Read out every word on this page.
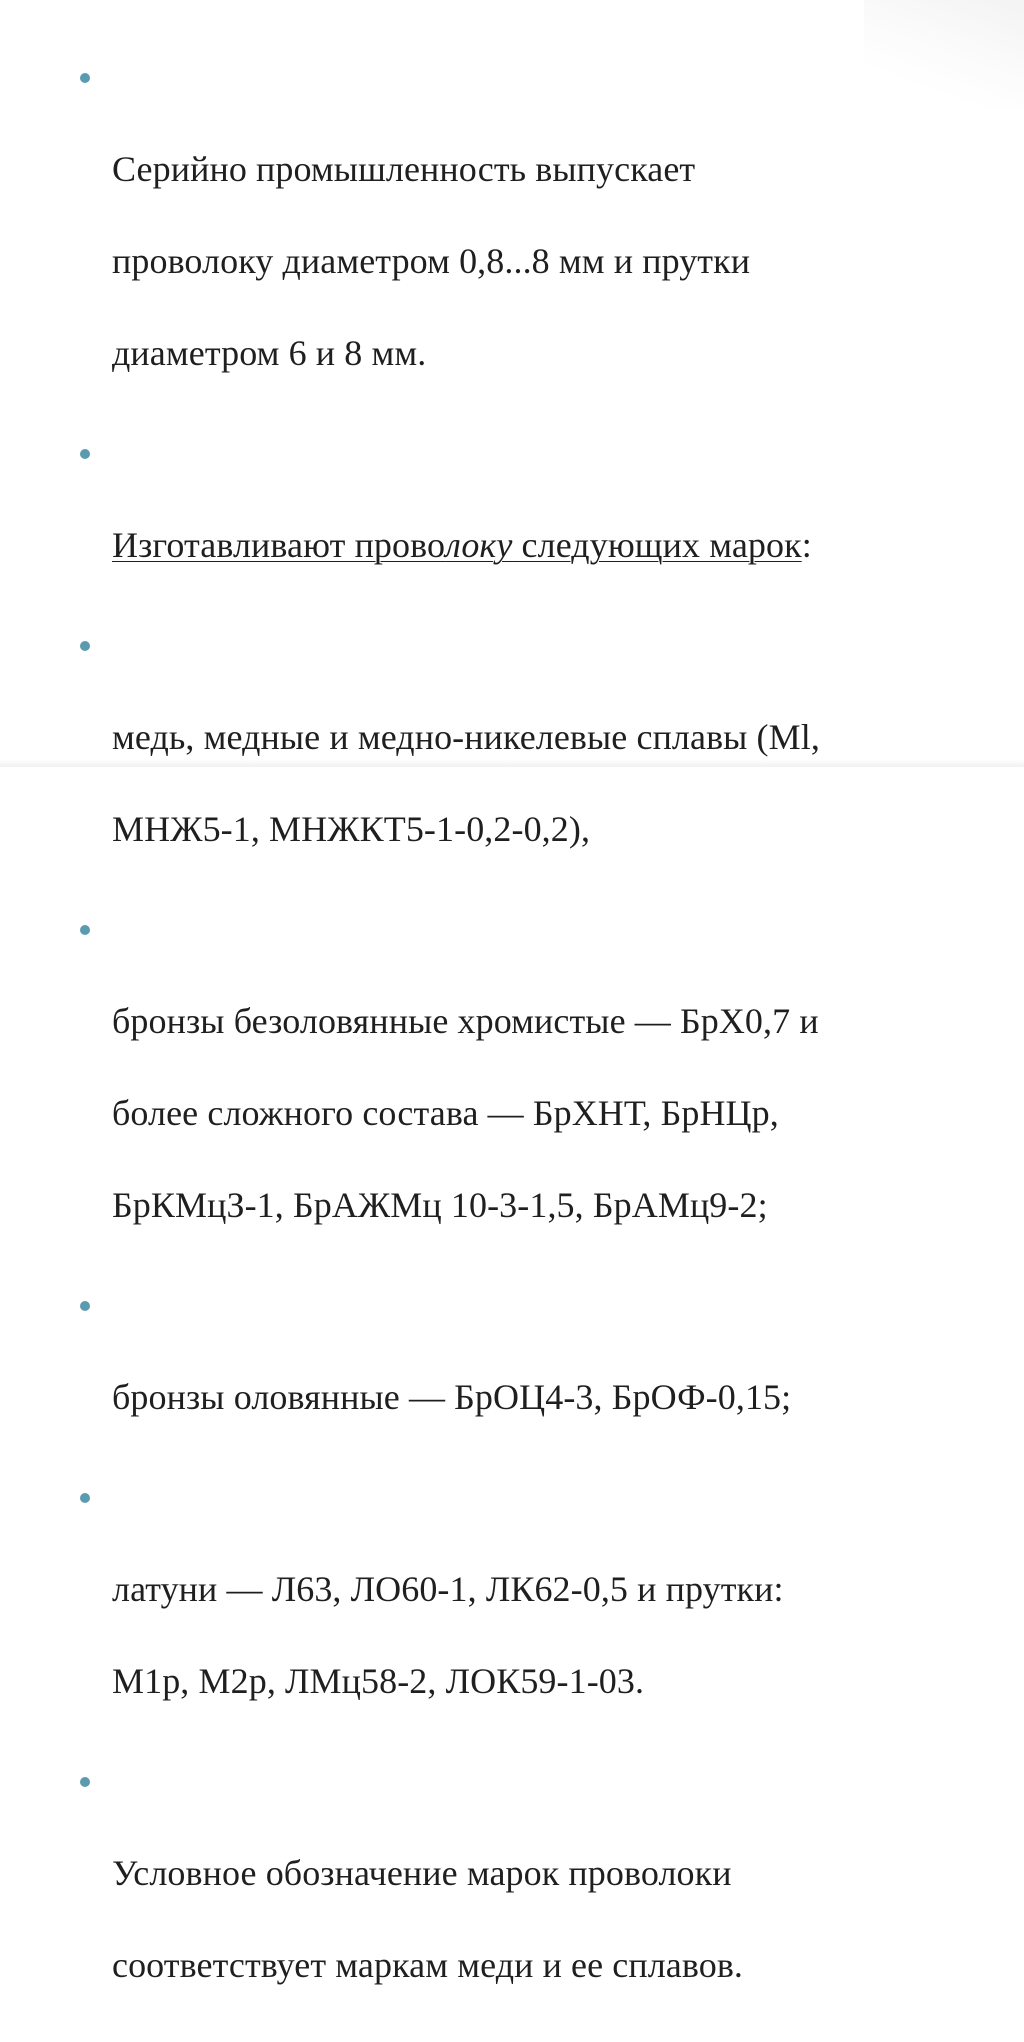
Серийно промышленность выпускает

проволоку диаметром 0,8...8 мм и прутки

диаметром 6 и 8 мм.

Изготавливают проволоку следующих марок:

медь, медные и медно-никелевые сплавы (Ml,

МНЖ5-1, МНЖКТ5-1-0,2-0,2),

бронзы безоловянные хромистые — БрХ0,7 и

более сложного состава — БрХНТ, БрНЦр,

БрКМцЗ-1, БрАЖМц 10-3-1,5, БрАМц9-2;

бронзы оловянные — БрОЦ4-3, БрОФ-0,15;

латуни — Л63, ЛО60-1, ЛК62-0,5 и прутки:

М1р, М2р, ЛМц58-2, ЛОК59-1-03.

Условное обозначение марок проволоки

соответствует маркам меди и ее сплавов.
